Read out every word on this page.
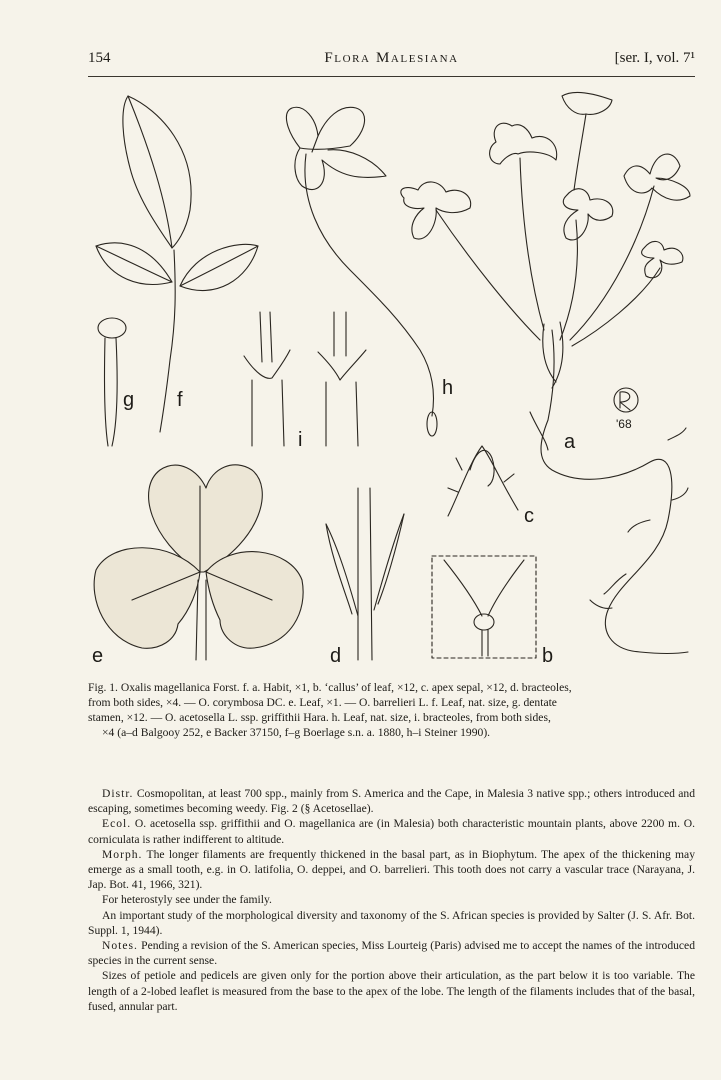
154	Flora Malesiana	[ser. I, vol. 7¹
g f
i
h
a
c
e	d	b
'68
Fig. 1. Oxalis magellanica Forst. f. a. Habit, ×1, b. ‘callus’ of leaf, ×12, c. apex sepal, ×12, d. bracteoles,
from both sides, ×4. — O. corymbosa DC. e. Leaf, ×1. — O. barrelieri L. f. Leaf, nat. size, g. dentate
stamen, ×12. — O. acetosella L. ssp. griffithii Hara. h. Leaf, nat. size, i. bracteoles, from both sides,
×4 (a–d Balgooy 252, e Backer 37150, f–g Boerlage s.n. a. 1880, h–i Steiner 1990).

Distr. Cosmopolitan, at least 700 spp., mainly from S. America and the Cape, in Malesia 3 native spp.; others introduced and escaping, sometimes becoming weedy. Fig. 2 (§ Acetosellae).

Ecol. O. acetosella ssp. griffithii and O. magellanica are (in Malesia) both characteristic mountain plants, above 2200 m. O. corniculata is rather indifferent to altitude.

Morph. The longer filaments are frequently thickened in the basal part, as in Biophytum. The apex of the thickening may emerge as a small tooth, e.g. in O. latifolia, O. deppei, and O. barrelieri. This tooth does not carry a vascular trace (Narayana, J. Jap. Bot. 41, 1966, 321).

For heterostyly see under the family.

An important study of the morphological diversity and taxonomy of the S. African species is provided by Salter (J. S. Afr. Bot. Suppl. 1, 1944).

Notes. Pending a revision of the S. American species, Miss Lourteig (Paris) advised me to accept the names of the introduced species in the current sense.

Sizes of petiole and pedicels are given only for the portion above their articulation, as the part below it is too variable. The length of a 2-lobed leaflet is measured from the base to the apex of the lobe. The length of the filaments includes that of the basal, fused, annular part.
